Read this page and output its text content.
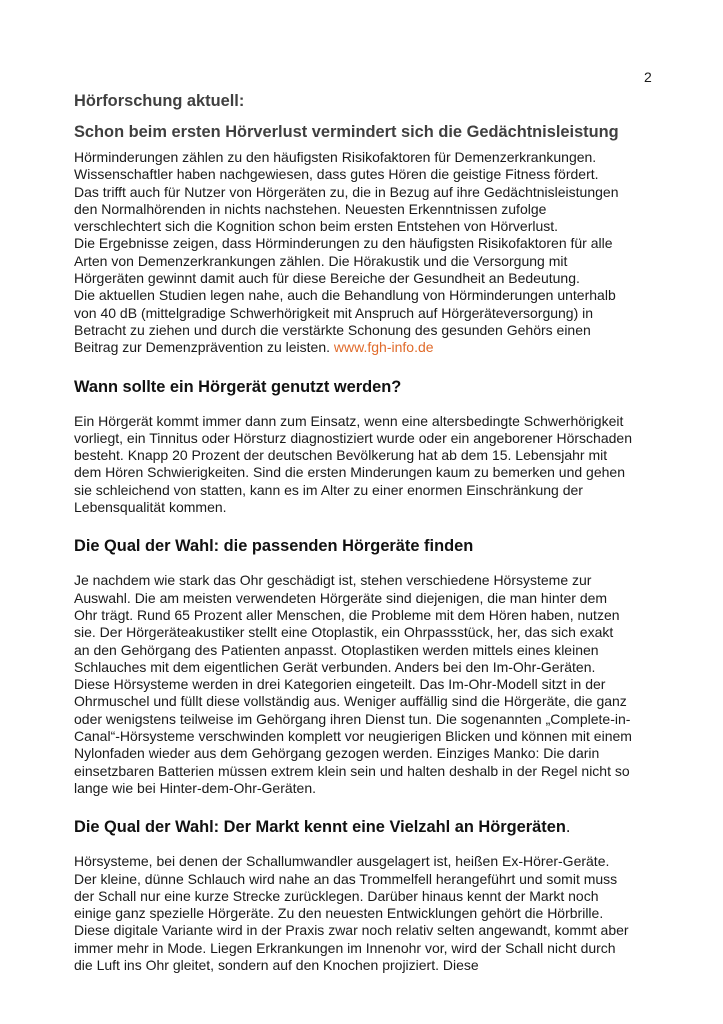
2
Hörforschung aktuell:
Schon beim ersten Hörverlust vermindert sich die Gedächtnisleistung

Hörminderungen zählen zu den häufigsten Risikofaktoren für Demenzerkrankungen.

Wissenschaftler haben nachgewiesen, dass gutes Hören die geistige Fitness fördert.

Das trifft auch für Nutzer von Hörgeräten zu, die in Bezug auf ihre Gedächtnisleistungen

den Normalhörenden in nichts nachstehen. Neuesten Erkenntnissen zufolge

verschlechtert sich die Kognition schon beim ersten Entstehen von Hörverlust.

Die Ergebnisse zeigen, dass Hörminderungen zu den häufigsten Risikofaktoren für alle

Arten von Demenzerkrankungen zählen. Die Hörakustik und die Versorgung mit

Hörgeräten gewinnt damit auch für diese Bereiche der Gesundheit an Bedeutung.

Die aktuellen Studien legen nahe, auch die Behandlung von Hörminderungen unterhalb

von 40 dB (mittelgradige Schwerhörigkeit mit Anspruch auf Hörgeräteversorgung) in

Betracht zu ziehen und durch die verstärkte Schonung des gesunden Gehörs einen

Beitrag zur Demenzprävention zu leisten. www.fgh-info.de

Wann sollte ein Hörgerät genutzt werden?

Ein Hörgerät kommt immer dann zum Einsatz, wenn eine altersbedingte Schwerhörigkeit

vorliegt, ein Tinnitus oder Hörsturz diagnostiziert wurde oder ein angeborener Hörschaden

besteht. Knapp 20 Prozent der deutschen Bevölkerung hat ab dem 15. Lebensjahr mit

dem Hören Schwierigkeiten. Sind die ersten Minderungen kaum zu bemerken und gehen

sie schleichend von statten, kann es im Alter zu einer enormen Einschränkung der

Lebensqualität kommen.

Die Qual der Wahl: die passenden Hörgeräte finden

Je nachdem wie stark das Ohr geschädigt ist, stehen verschiedene Hörsysteme zur

Auswahl. Die am meisten verwendeten Hörgeräte sind diejenigen, die man hinter dem

Ohr trägt. Rund 65 Prozent aller Menschen, die Probleme mit dem Hören haben, nutzen

sie. Der Hörgeräteakustiker stellt eine Otoplastik, ein Ohrpassstück, her, das sich exakt

an den Gehörgang des Patienten anpasst. Otoplastiken werden mittels eines kleinen

Schlauches mit dem eigentlichen Gerät verbunden. Anders bei den Im-Ohr-Geräten.

Diese Hörsysteme werden in drei Kategorien eingeteilt. Das Im-Ohr-Modell sitzt in der

Ohrmuschel und füllt diese vollständig aus. Weniger auffällig sind die Hörgeräte, die ganz

oder wenigstens teilweise im Gehörgang ihren Dienst tun. Die sogenannten „Complete-in-

Canal“-Hörsysteme verschwinden komplett vor neugierigen Blicken und können mit einem

Nylonfaden wieder aus dem Gehörgang gezogen werden. Einziges Manko: Die darin

einsetzbaren Batterien müssen extrem klein sein und halten deshalb in der Regel nicht so

lange wie bei Hinter-dem-Ohr-Geräten.

Die Qual der Wahl: Der Markt kennt eine Vielzahl an Hörgeräten.

Hörsysteme, bei denen der Schallumwandler ausgelagert ist, heißen Ex-Hörer-Geräte.

Der kleine, dünne Schlauch wird nahe an das Trommelfell herangeführt und somit muss

der Schall nur eine kurze Strecke zurücklegen. Darüber hinaus kennt der Markt noch

einige ganz spezielle Hörgeräte. Zu den neuesten Entwicklungen gehört die Hörbrille.

Diese digitale Variante wird in der Praxis zwar noch relativ selten angewandt, kommt aber

immer mehr in Mode. Liegen Erkrankungen im Innenohr vor, wird der Schall nicht durch

die Luft ins Ohr gleitet, sondern auf den Knochen projiziert. Diese
